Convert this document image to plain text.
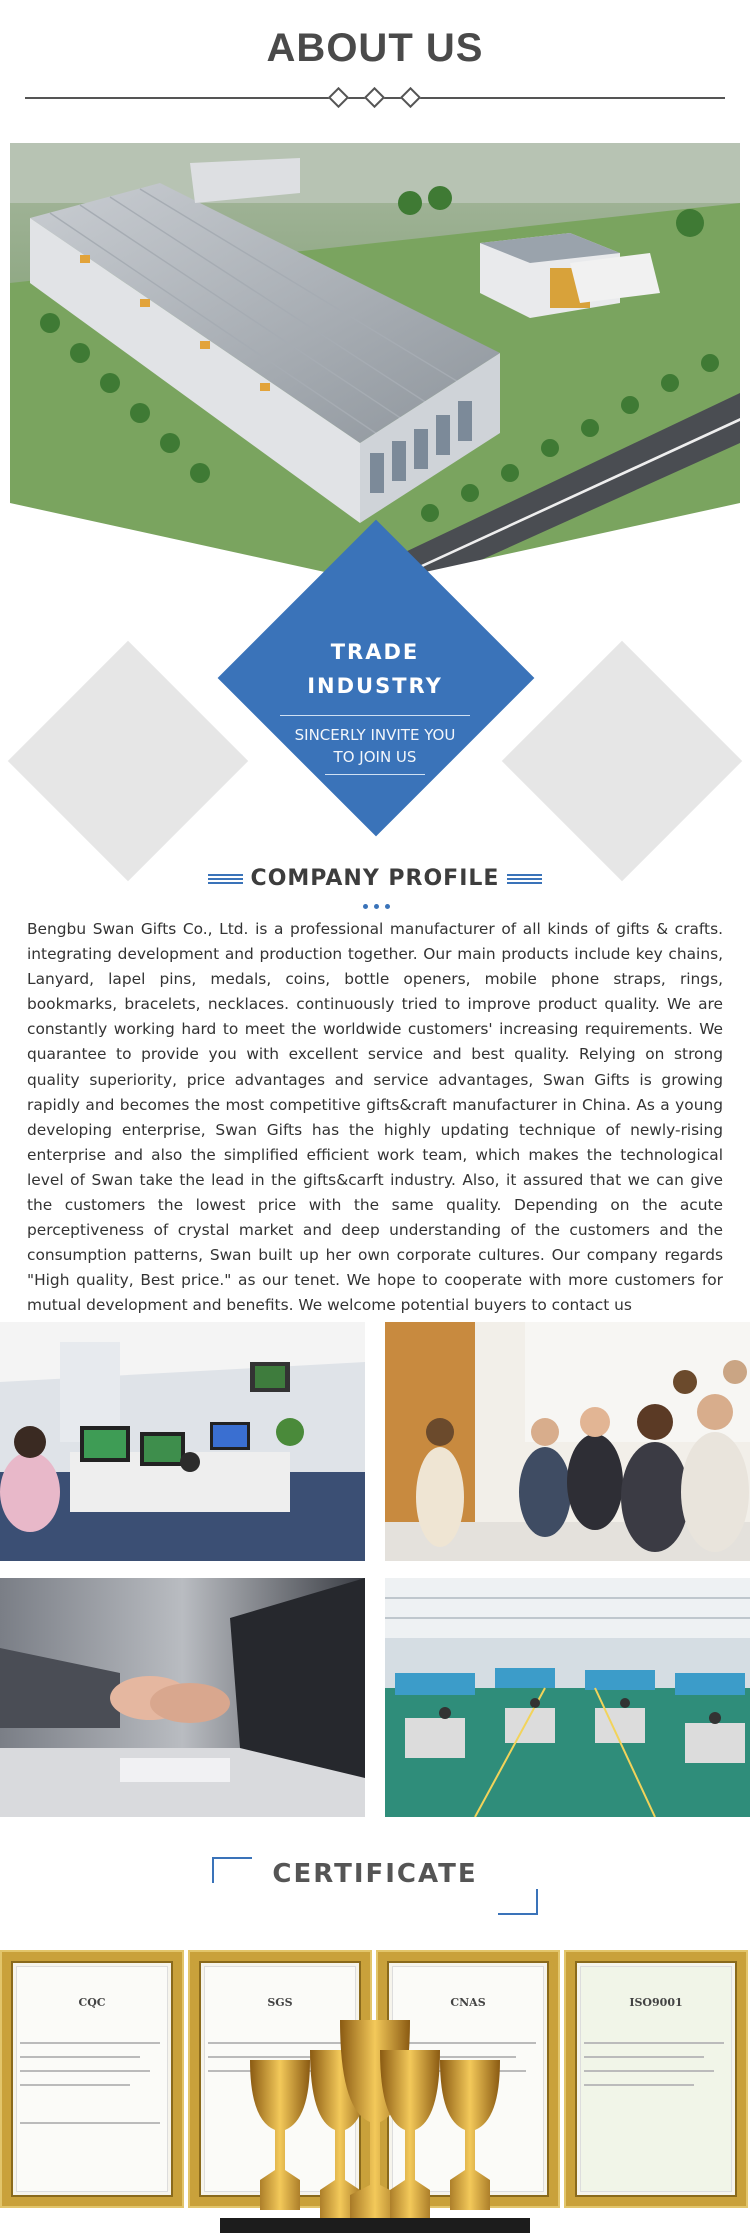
ABOUT US
TRADE
INDUSTRY
SINCERLY INVITE YOU
TO JOIN US
COMPANY PROFILE
Bengbu Swan Gifts Co., Ltd. is a professional manufacturer of all kinds of gifts & crafts. integrating development and production together. Our main products include key chains, Lanyard, lapel pins, medals, coins, bottle openers, mobile phone straps, rings, bookmarks, bracelets, necklaces. continuously tried to improve product quality. We are constantly working hard to meet the worldwide customers' increasing requirements. We quarantee to provide you with excellent service and best quality. Relying on strong quality superiority, price advantages and service advantages, Swan Gifts is growing rapidly and becomes the most competitive gifts&craft manufacturer in China. As a young developing enterprise, Swan Gifts has the highly updating technique of newly-rising enterprise and also the simplified efficient work team, which makes the technological level of Swan take the lead in the gifts&carft industry. Also, it assured that we can give the customers the lowest price with the same quality. Depending on the acute perceptiveness of crystal market and deep understanding of the customers and the consumption patterns, Swan built up her own corporate cultures. Our company regards "High quality, Best price." as our tenet. We hope to cooperate with more customers for mutual development and benefits. We welcome potential buyers to contact us
CERTIFICATE
CQC	SGS	CNAS	ISO9001
